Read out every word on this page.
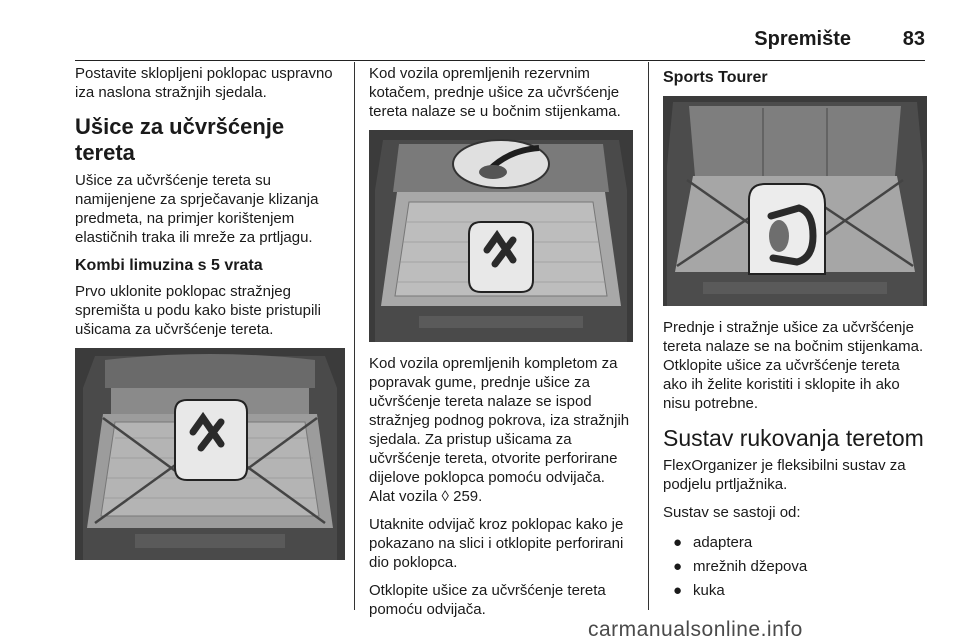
Spremište	83

Postavite sklopljeni poklopac uspravno iza naslona stražnjih sjedala.

Ušice za učvršćenje tereta

Ušice za učvršćenje tereta su namijenjene za sprječavanje klizanja predmeta, na primjer korištenjem elastičnih traka ili mreže za prtljagu.

Kombi limuzina s 5 vrata

Prvo uklonite poklopac stražnjeg spremišta u podu kako biste pristupili ušicama za učvršćenje tereta.

Kod vozila opremljenih rezervnim kotačem, prednje ušice za učvršćenje tereta nalaze se u bočnim stijenkama.

Kod vozila opremljenih kompletom za popravak gume, prednje ušice za učvršćenje tereta nalaze se ispod stražnjeg podnog pokrova, iza stražnjih sjedala. Za pristup ušicama za učvršćenje tereta, otvorite perforirane dijelove poklopca pomoću odvijača. Alat vozila ◊ 259.

Utaknite odvijač kroz poklopac kako je pokazano na slici i otklopite perforirani dio poklopca.

Otklopite ušice za učvršćenje tereta pomoću odvijača.

Sports Tourer

Prednje i stražnje ušice za učvršćenje tereta nalaze se na bočnim stijenkama. Otklopite ušice za učvršćenje tereta ako ih želite koristiti i sklopite ih ako nisu potrebne.

Sustav rukovanja teretom

FlexOrganizer je fleksibilni sustav za podjelu prtljažnika.

Sustav se sastoji od:

● adaptera
● mrežnih džepova
● kuka
carmanualsonline.info
